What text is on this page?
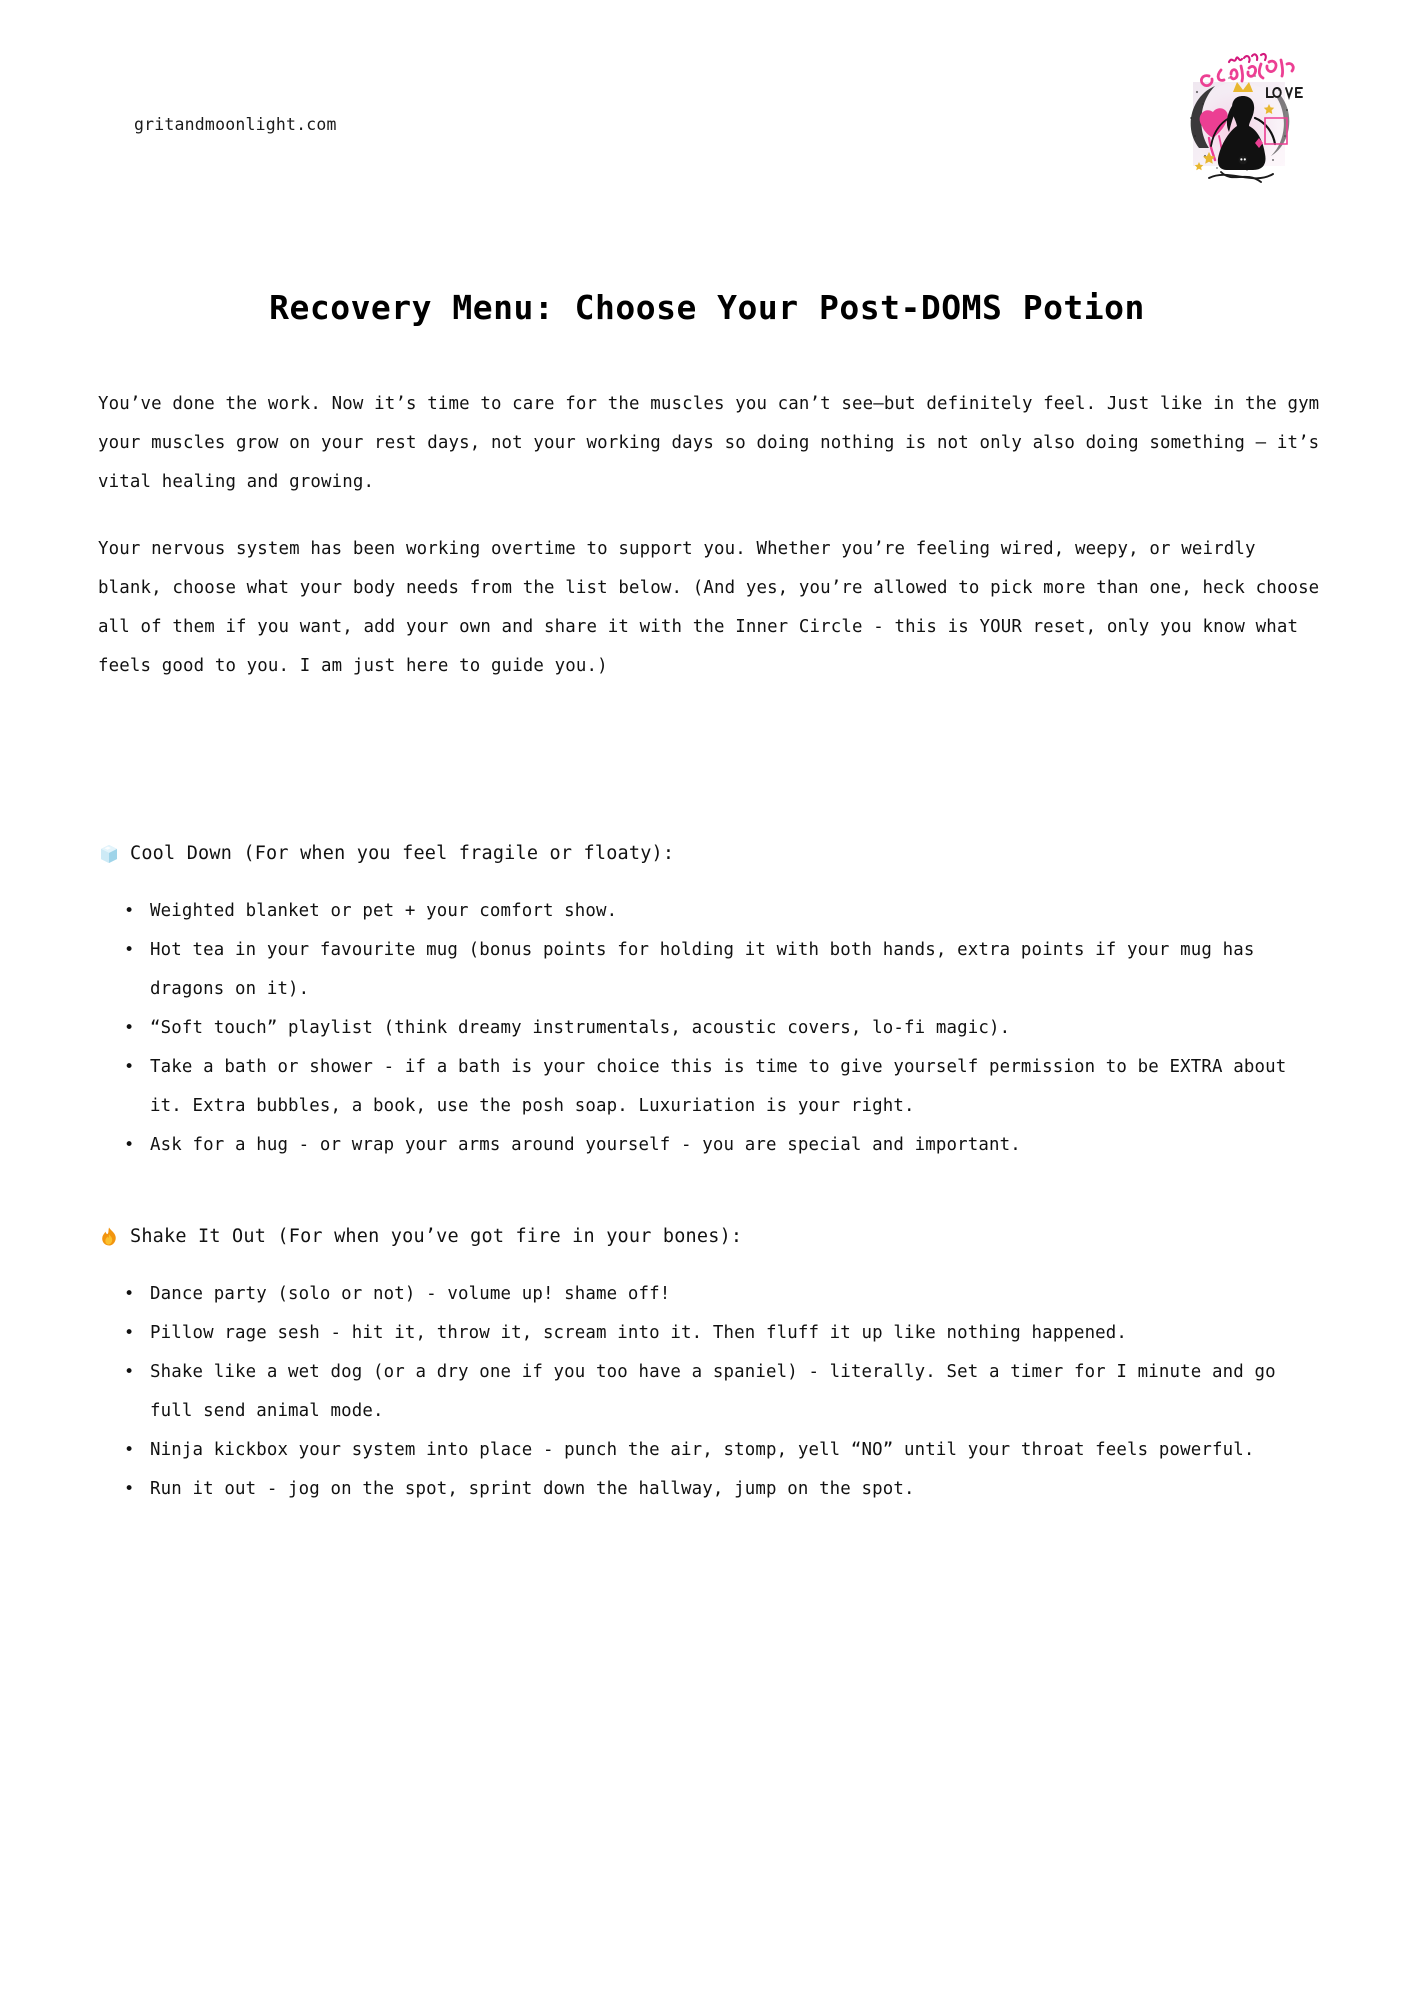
gritandmoonlight.com
Recovery Menu: Choose Your Post-DOMS Potion

You’ve done the work. Now it’s time to care for the muscles you can’t see—but definitely feel. Just like in the gym your muscles grow on your rest days, not your working days so doing nothing is not only also doing something — it’s vital healing and growing.

Your nervous system has been working overtime to support you. Whether you’re feeling wired, weepy, or weirdly blank, choose what your body needs from the list below. (And yes, you’re allowed to pick more than one, heck choose all of them if you want, add your own and share it with the Inner Circle - this is YOUR reset, only you know what feels good to you. I am just here to guide you.)

Cool Down (For when you feel fragile or floaty):
• Weighted blanket or pet + your comfort show.
• Hot tea in your favourite mug (bonus points for holding it with both hands, extra points if your mug has dragons on it).
• “Soft touch” playlist (think dreamy instrumentals, acoustic covers, lo-fi magic).
• Take a bath or shower - if a bath is your choice this is time to give yourself permission to be EXTRA about it. Extra bubbles, a book, use the posh soap. Luxuriation is your right.
• Ask for a hug - or wrap your arms around yourself - you are special and important.
Shake It Out (For when you’ve got fire in your bones):
• Dance party (solo or not) - volume up! shame off!
• Pillow rage sesh - hit it, throw it, scream into it. Then fluff it up like nothing happened.
• Shake like a wet dog (or a dry one if you too have a spaniel) - literally. Set a timer for I minute and go full send animal mode.
• Ninja kickbox your system into place - punch the air, stomp, yell “NO” until your throat feels powerful.
• Run it out - jog on the spot, sprint down the hallway, jump on the spot.
